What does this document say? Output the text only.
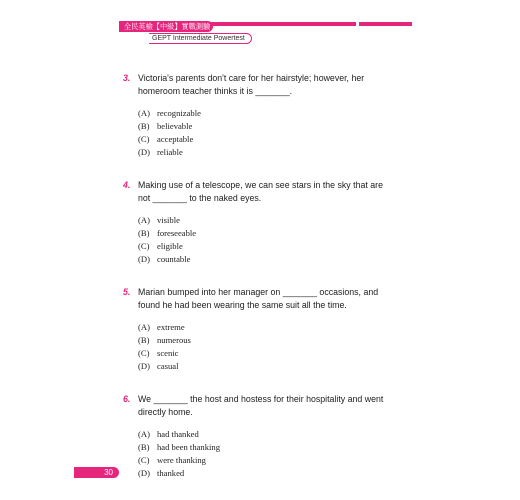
全民英檢【中級】實戰測驗
GEPT Intermediate Powertest
3. Victoria's parents don't care for her hairstyle; however, her
homeroom teacher thinks it is _______.
(A) recognizable
(B) believable
(C) acceptable
(D) reliable
4. Making use of a telescope, we can see stars in the sky that are
not _______ to the naked eyes.
(A) visible
(B) foreseeable
(C) eligible
(D) countable
5. Marian bumped into her manager on _______ occasions, and
found he had been wearing the same suit all the time.
(A) extreme
(B) numerous
(C) scenic
(D) casual
6. We _______ the host and hostess for their hospitality and went
directly home.
(A) had thanked
(B) had been thanking
(C) were thanking
(D) thanked
30
